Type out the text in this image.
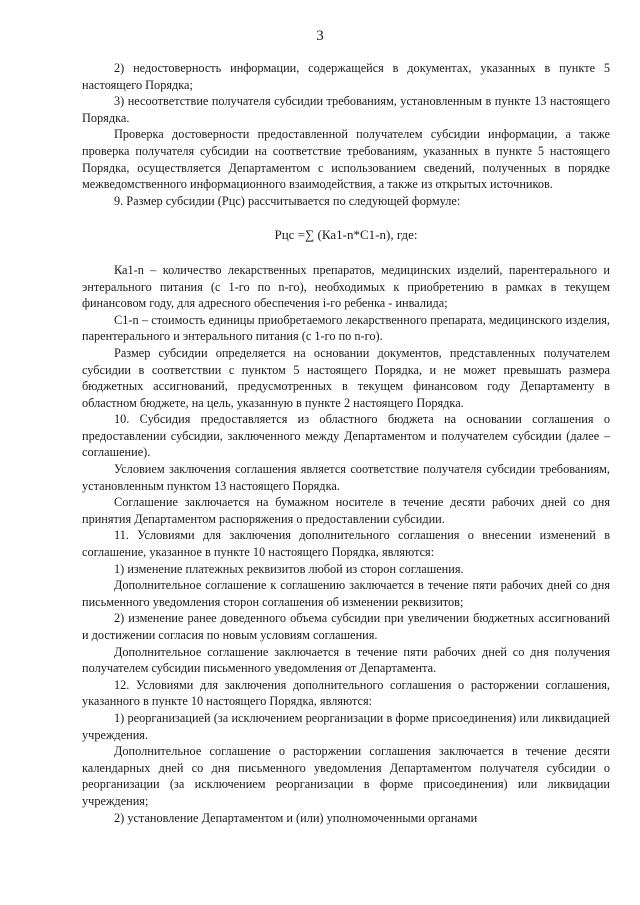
3

2) недостоверность информации, содержащейся в документах, указанных в пункте 5 настоящего Порядка;

3) несоответствие получателя субсидии требованиям, установленным в пункте 13 настоящего Порядка.

Проверка достоверности предоставленной получателем субсидии информации, а также проверка получателя субсидии на соответствие требованиям, указанных в пункте 5 настоящего Порядка, осуществляется Департаментом с использованием сведений, полученных в порядке межведомственного информационного взаимодействия, а также из открытых источников.

9. Размер субсидии (Рцс) рассчитывается по следующей формуле:

Рцс =∑ (Ка1-n*С1-n), где:

Ка1-n – количество лекарственных препаратов, медицинских изделий, парентерального и энтерального питания (с 1-го по n-го), необходимых к приобретению в рамках в текущем финансовом году, для адресного обеспечения i-го ребенка - инвалида;

С1-n – стоимость единицы приобретаемого лекарственного препарата, медицинского изделия, парентерального и энтерального питания (с 1-го по n-го).

Размер субсидии определяется на основании документов, представленных получателем субсидии в соответствии с пунктом 5 настоящего Порядка, и не может превышать размера бюджетных ассигнований, предусмотренных в текущем финансовом году Департаменту в областном бюджете, на цель, указанную в пункте 2 настоящего Порядка.

10. Субсидия предоставляется из областного бюджета на основании соглашения о предоставлении субсидии, заключенного между Департаментом и получателем субсидии (далее – соглашение).

Условием заключения соглашения является соответствие получателя субсидии требованиям, установленным пунктом 13 настоящего Порядка.

Соглашение заключается на бумажном носителе в течение десяти рабочих дней со дня принятия Департаментом распоряжения о предоставлении субсидии.

11. Условиями для заключения дополнительного соглашения о внесении изменений в соглашение, указанное в пункте 10 настоящего Порядка, являются:

1) изменение платежных реквизитов любой из сторон соглашения.

Дополнительное соглашение к соглашению заключается в течение пяти рабочих дней со дня письменного уведомления сторон соглашения об изменении реквизитов;

2) изменение ранее доведенного объема субсидии при увеличении бюджетных ассигнований и достижении согласия по новым условиям соглашения.

Дополнительное соглашение заключается в течение пяти рабочих дней со дня получения получателем субсидии письменного уведомления от Департамента.

12. Условиями для заключения дополнительного соглашения о расторжении соглашения, указанного в пункте 10 настоящего Порядка, являются:

1) реорганизацией (за исключением реорганизации в форме присоединения) или ликвидацией учреждения.

Дополнительное соглашение о расторжении соглашения заключается в течение десяти календарных дней со дня письменного уведомления Департаментом получателя субсидии о реорганизации (за исключением реорганизации в форме присоединения) или ликвидации учреждения;

2) установление Департаментом и (или) уполномоченными органами
